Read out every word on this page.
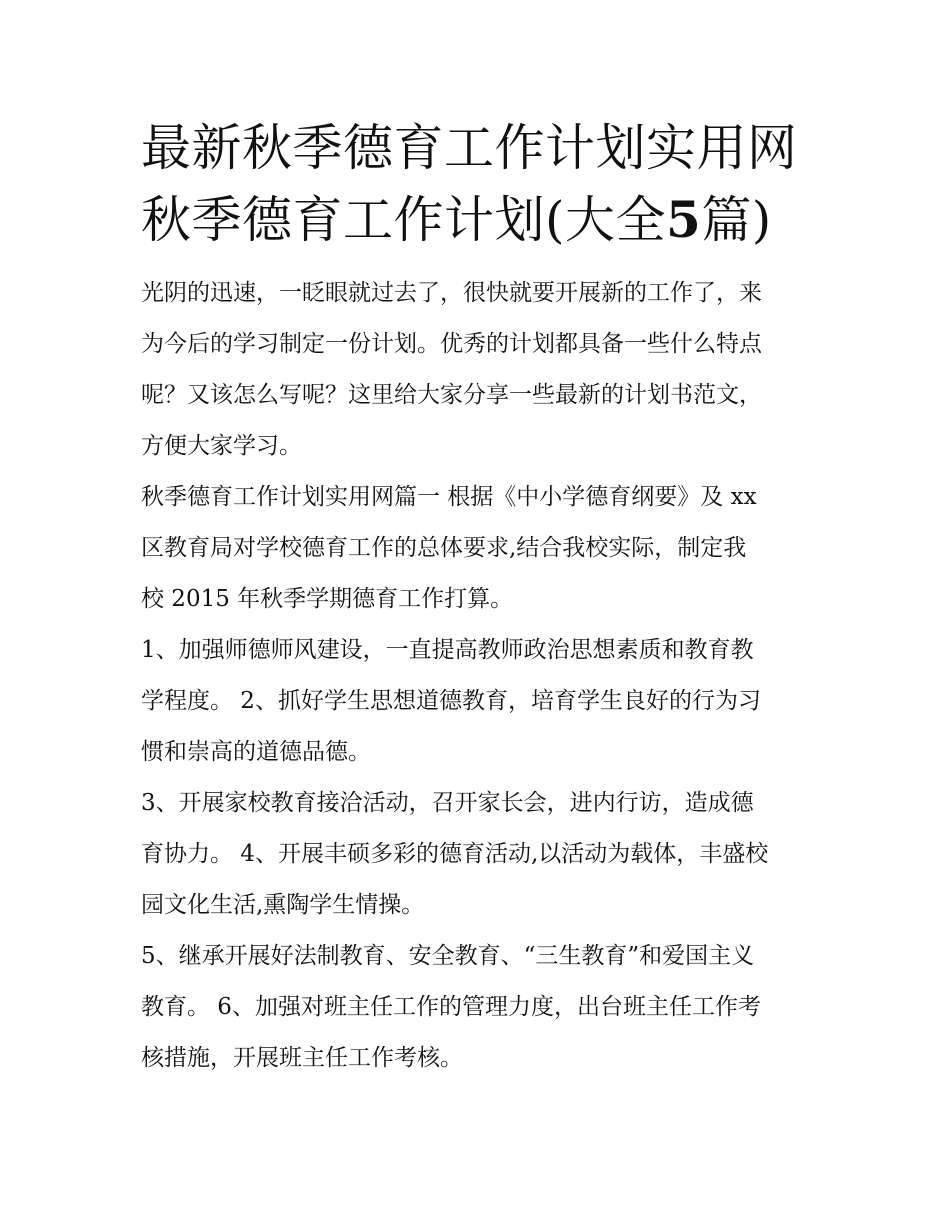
最新秋季德育工作计划实用网
秋季德育工作计划(大全5篇)

光阴的迅速，一眨眼就过去了，很快就要开展新的工作了，来
为今后的学习制定一份计划。优秀的计划都具备一些什么特点
呢？又该怎么写呢？这里给大家分享一些最新的计划书范文，
方便大家学习。

秋季德育工作计划实用网篇一 根据《中小学德育纲要》及 xx
区教育局对学校德育工作的总体要求,结合我校实际，制定我
校 2015 年秋季学期德育工作打算。

1、加强师德师风建设，一直提高教师政治思想素质和教育教
学程度。 2、抓好学生思想道德教育，培育学生良好的行为习
惯和崇高的道德品德。

3、开展家校教育接洽活动，召开家长会，进内行访，造成德
育协力。 4、开展丰硕多彩的德育活动,以活动为载体，丰盛校
园文化生活,熏陶学生情操。

5、继承开展好法制教育、安全教育、“三生教育”和爱国主义
教育。 6、加强对班主任工作的管理力度，出台班主任工作考
核措施，开展班主任工作考核。
